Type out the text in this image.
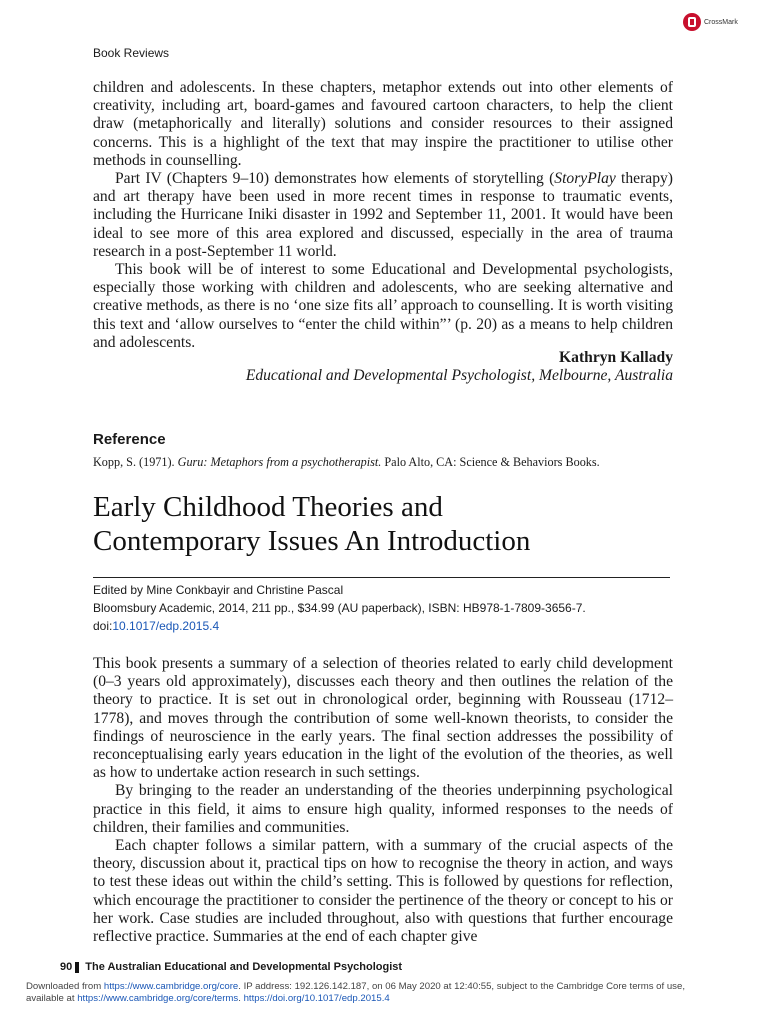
CrossMark
Book Reviews

children and adolescents. In these chapters, metaphor extends out into other elements of creativity, including art, board-games and favoured cartoon characters, to help the client draw (metaphorically and literally) solutions and consider resources to their assigned concerns. This is a highlight of the text that may inspire the practitioner to utilise other methods in counselling.

Part IV (Chapters 9–10) demonstrates how elements of storytelling (StoryPlay therapy) and art therapy have been used in more recent times in response to traumatic events, including the Hurricane Iniki disaster in 1992 and September 11, 2001. It would have been ideal to see more of this area explored and discussed, especially in the area of trauma research in a post-September 11 world.

This book will be of interest to some Educational and Developmental psychologists, especially those working with children and adolescents, who are seeking alternative and creative methods, as there is no ‘one size fits all’ approach to counselling. It is worth visiting this text and ‘allow ourselves to “enter the child within”’ (p. 20) as a means to help children and adolescents.

Kathryn Kallady
Educational and Developmental Psychologist, Melbourne, Australia
Reference
Kopp, S. (1971). Guru: Metaphors from a psychotherapist. Palo Alto, CA: Science & Behaviors Books.
Early Childhood Theories and
Contemporary Issues An Introduction
Edited by Mine Conkbayir and Christine Pascal
Bloomsbury Academic, 2014, 211 pp., $34.99 (AU paperback), ISBN: HB978-1-7809-3656-7.
doi:10.1017/edp.2015.4

This book presents a summary of a selection of theories related to early child development (0–3 years old approximately), discusses each theory and then outlines the relation of the theory to practice. It is set out in chronological order, beginning with Rousseau (1712–1778), and moves through the contribution of some well-known theorists, to consider the findings of neuroscience in the early years. The final section addresses the possibility of reconceptualising early years education in the light of the evolution of the theories, as well as how to undertake action research in such settings.

By bringing to the reader an understanding of the theories underpinning psychological practice in this field, it aims to ensure high quality, informed responses to the needs of children, their families and communities.

Each chapter follows a similar pattern, with a summary of the crucial aspects of the theory, discussion about it, practical tips on how to recognise the theory in action, and ways to test these ideas out within the child’s setting. This is followed by questions for reflection, which encourage the practitioner to consider the pertinence of the theory or concept to his or her work. Case studies are included throughout, also with questions that further encourage reflective practice. Summaries at the end of each chapter give

90 The Australian Educational and Developmental Psychologist
Downloaded from https://www.cambridge.org/core. IP address: 192.126.142.187, on 06 May 2020 at 12:40:55, subject to the Cambridge Core terms of use,
available at https://www.cambridge.org/core/terms. https://doi.org/10.1017/edp.2015.4
